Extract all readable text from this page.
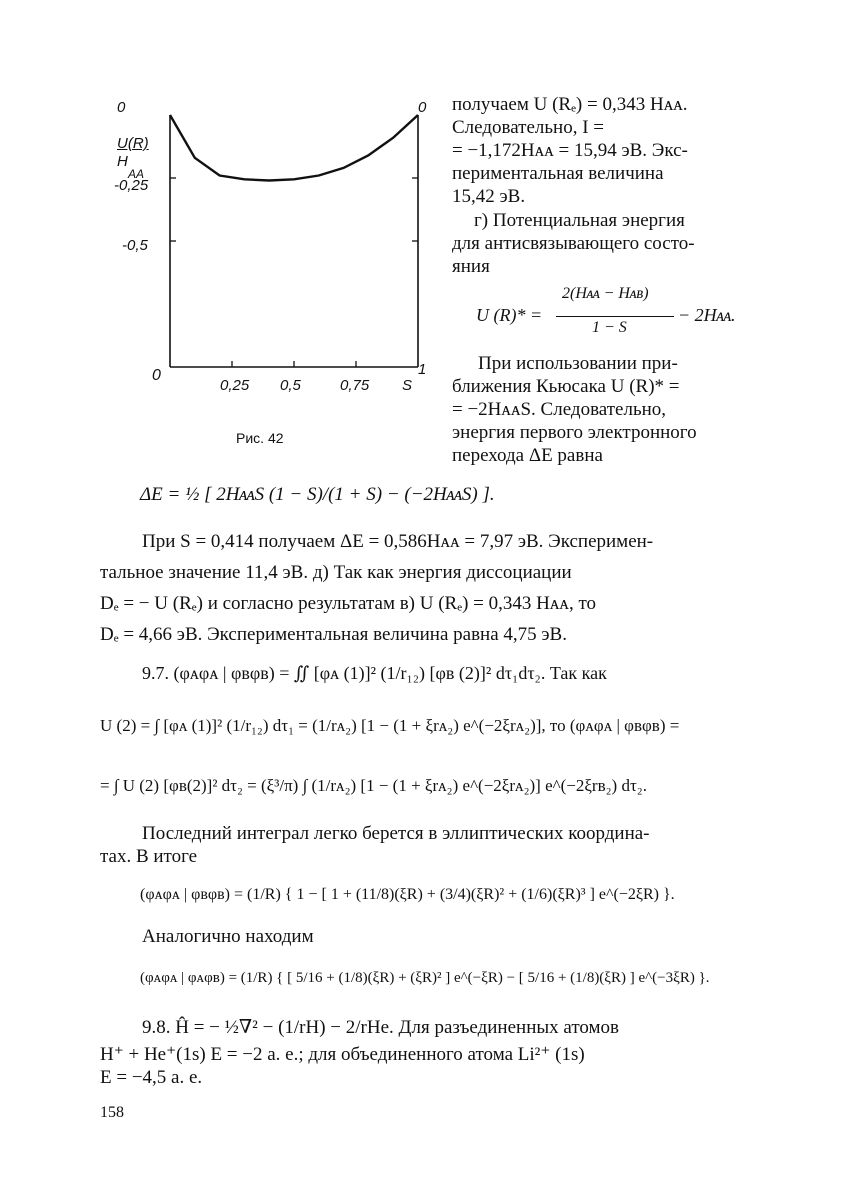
0
U(R)
H
AA
-0,25
-0,5
0
0
1
0,25 0,5	0,75 S
Рис. 42
получаем U (Rₑ) = 0,343 Hᴀᴀ.
Следовательно, I =
= −1,172Hᴀᴀ = 15,94 эВ. Экс-
периментальная величина
15,42 эВ.
г) Потенциальная энергия
для антисвязывающего состо-
яния
U (R)* =
2(Hᴀᴀ − Hᴀʙ)
1 − S
− 2Hᴀᴀ.
При использовании при-
ближения Кьюсака U (R)* =
= −2HᴀᴀS. Следовательно,
энергия первого электронного
перехода ΔE равна
ΔE = ½ [ 2HᴀᴀS (1 − S)/(1 + S) − (−2HᴀᴀS) ].
При S = 0,414 получаем ΔE = 0,586Hᴀᴀ = 7,97 эВ. Эксперимен-
тальное значение 11,4 эВ. д) Так как энергия диссоциации
Dₑ = − U (Rₑ) и согласно результатам в) U (Rₑ) = 0,343 Hᴀᴀ, то
Dₑ = 4,66 эВ. Экспериментальная величина равна 4,75 эВ.
9.7. (φᴀφᴀ | φʙφʙ) = ∬ [φᴀ (1)]² (1/r₁₂) [φʙ (2)]² dτ₁dτ₂. Так как
U (2) = ∫ [φᴀ (1)]² (1/r₁₂) dτ₁ = (1/rᴀ₂) [1 − (1 + ξrᴀ₂) e^(−2ξrᴀ₂)], то (φᴀφᴀ | φʙφʙ) =
= ∫ U (2) [φʙ(2)]² dτ₂ = (ξ³/π) ∫ (1/rᴀ₂) [1 − (1 + ξrᴀ₂) e^(−2ξrᴀ₂)] e^(−2ξrʙ₂) dτ₂.
Последний интеграл легко берется в эллиптических координа-
тах. В итоге
(φᴀφᴀ | φʙφʙ) = (1/R) { 1 − [ 1 + (11/8)(ξR) + (3/4)(ξR)² + (1/6)(ξR)³ ] e^(−2ξR) }.
Аналогично находим
(φᴀφᴀ | φᴀφʙ) = (1/R) { [ 5/16 + (1/8)(ξR) + (ξR)² ] e^(−ξR) − [ 5/16 + (1/8)(ξR) ] e^(−3ξR) }.
9.8. Ĥ = − ½∇² − (1/rH) − 2/rHe. Для разъединенных атомов
H⁺ + He⁺(1s) E = −2 а. е.; для объединенного атома Li²⁺ (1s)
E = −4,5 а. е.
158
